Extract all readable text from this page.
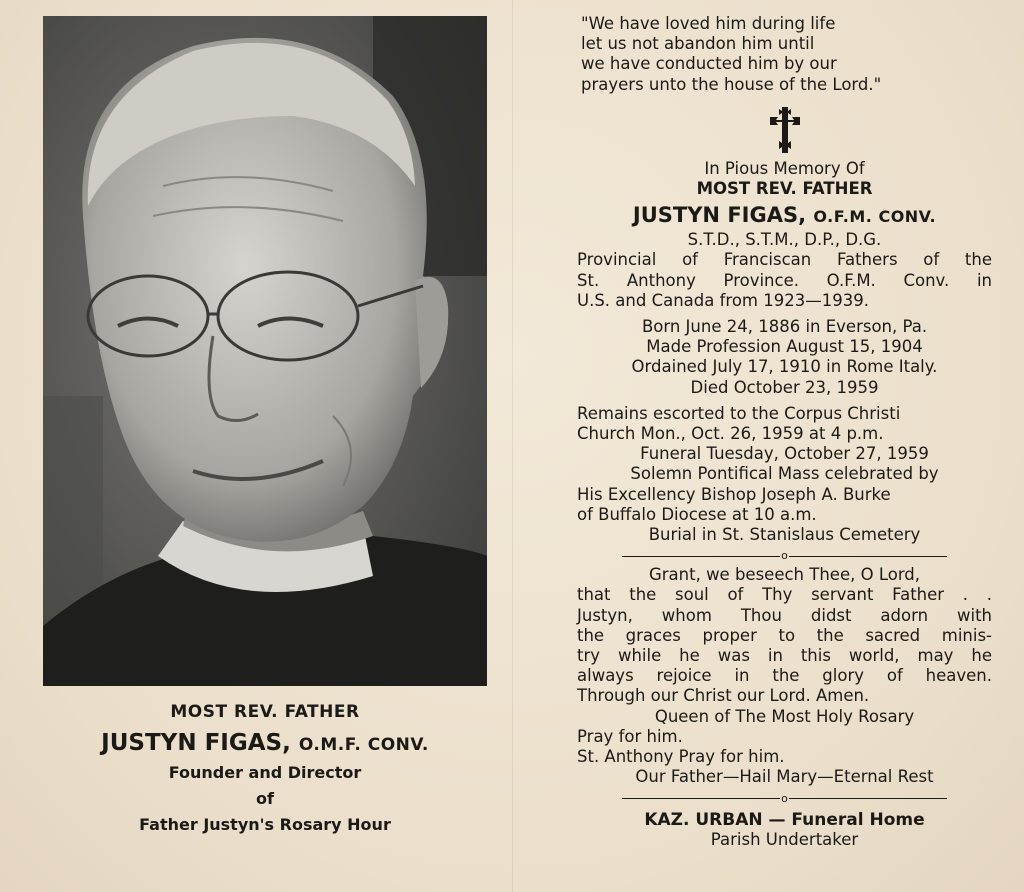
MOST REV. FATHER
JUSTYN FIGAS, O.M.F. CONV.
Founder and Director
of
Father Justyn's Rosary Hour
"We have loved him during life
let us not abandon him until
we have conducted him by our
prayers unto the house of the Lord."
In Pious Memory Of
MOST REV. FATHER
JUSTYN FIGAS, O.F.M. CONV.
S.T.D., S.T.M., D.P., D.G.
Provincial of Franciscan Fathers of the
St. Anthony Province. O.F.M. Conv. in
U.S. and Canada from 1923—1939.
Born June 24, 1886 in Everson, Pa.
Made Profession August 15, 1904
Ordained July 17, 1910 in Rome Italy.
Died October 23, 1959
Remains escorted to the Corpus Christi
Church Mon., Oct. 26, 1959 at 4 p.m.
Funeral Tuesday, October 27, 1959
Solemn Pontifical Mass celebrated by
His Excellency Bishop Joseph A. Burke
of Buffalo Diocese at 10 a.m.
Burial in St. Stanislaus Cemetery
o
Grant, we beseech Thee, O Lord,
that the soul of Thy servant Father . .
Justyn, whom Thou didst adorn with
the graces proper to the sacred minis-
try while he was in this world, may he
always rejoice in the glory of heaven.
Through our Christ our Lord. Amen.
Queen of The Most Holy Rosary
Pray for him.
St. Anthony Pray for him.
Our Father—Hail Mary—Eternal Rest
o
KAZ. URBAN — Funeral Home
Parish Undertaker
